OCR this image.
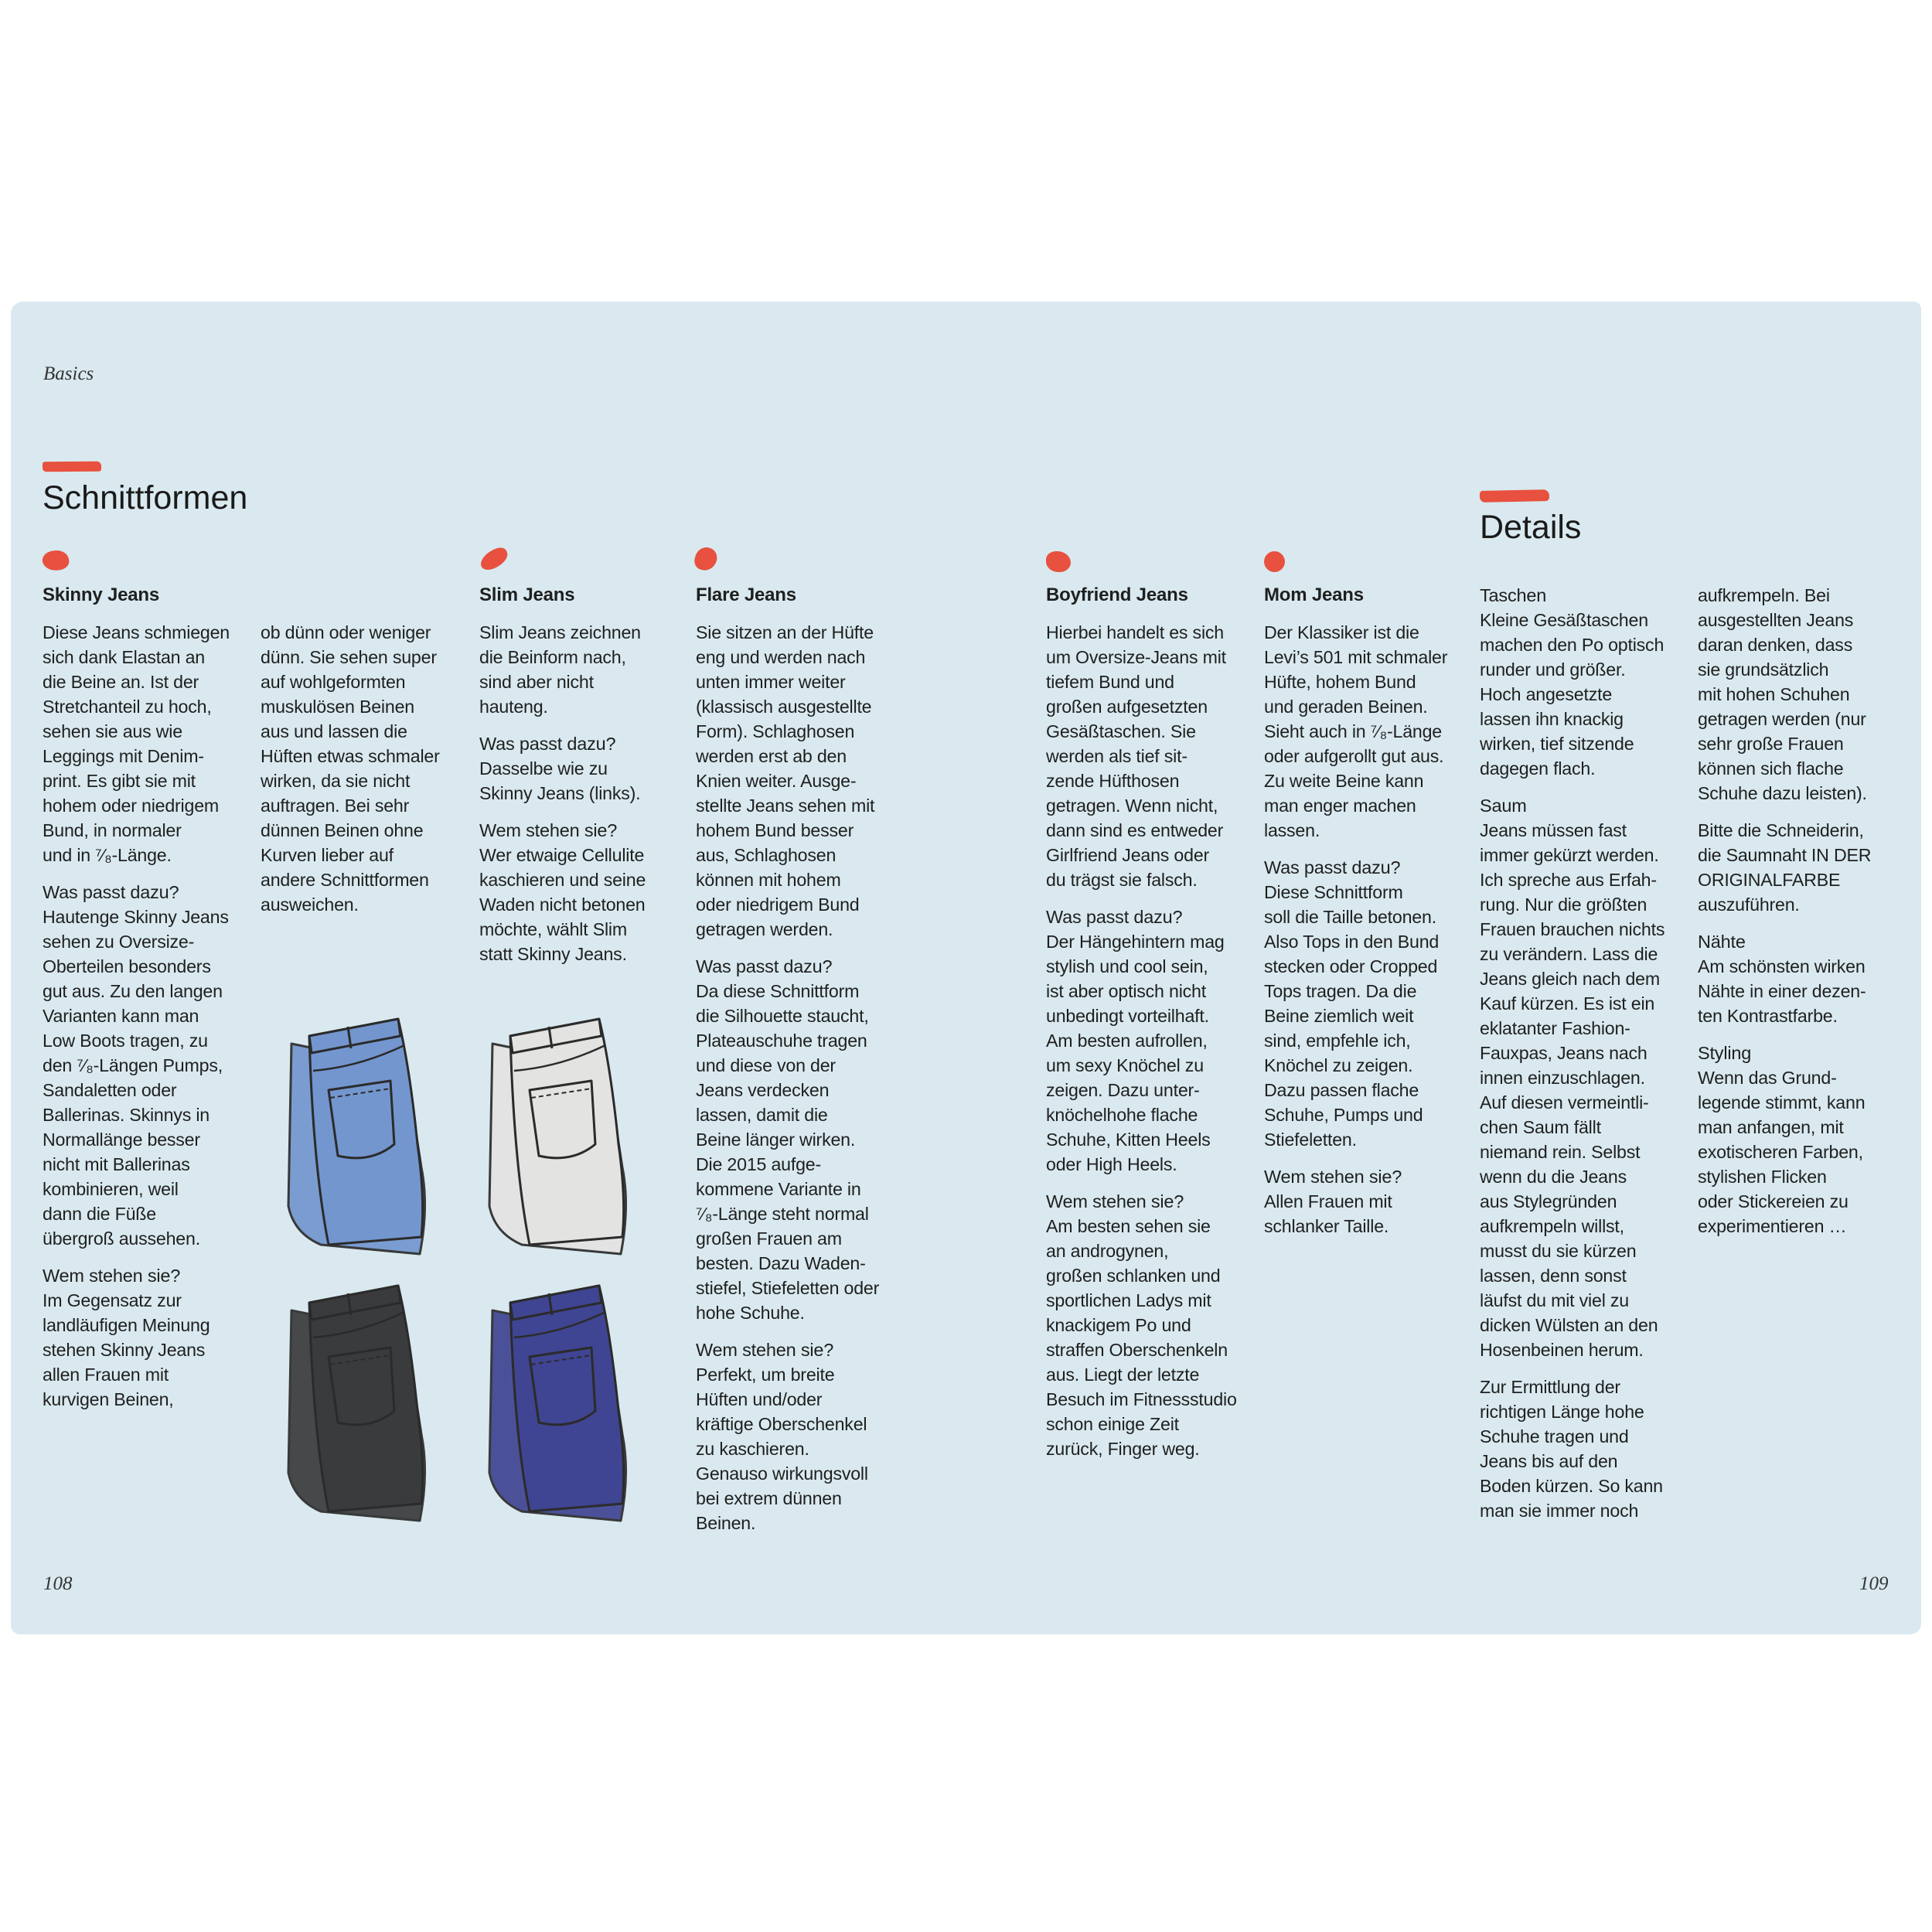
Basics
108	109
Schnittformen
Details
Skinny Jeans

Diese Jeans schmiegen
sich dank Elastan an
die Beine an. Ist der
Stretchanteil zu hoch,
sehen sie aus wie
Leggings mit Denim-
print. Es gibt sie mit
hohem oder niedrigem
Bund, in normaler
und in ⁷⁄₈-Länge.

Was passt dazu?

Hautenge Skinny Jeans
sehen zu Oversize-
Oberteilen besonders
gut aus. Zu den langen
Varianten kann man
Low Boots tragen, zu
den ⁷⁄₈-Längen Pumps,
Sandaletten oder
Ballerinas. Skinnys in
Normallänge besser
nicht mit Ballerinas
kombinieren, weil
dann die Füße
übergroß aussehen.

Wem stehen sie?

Im Gegensatz zur
landläufigen Meinung
stehen Skinny Jeans
allen Frauen mit
kurvigen Beinen,

ob dünn oder weniger
dünn. Sie sehen super
auf wohlgeformten
muskulösen Beinen
aus und lassen die
Hüften etwas schmaler
wirken, da sie nicht
auftragen. Bei sehr
dünnen Beinen ohne
Kurven lieber auf
andere Schnittformen
ausweichen.

Slim Jeans

Slim Jeans zeichnen
die Beinform nach,
sind aber nicht
hauteng.

Was passt dazu?

Dasselbe wie zu
Skinny Jeans (links).

Wem stehen sie?

Wer etwaige Cellulite
kaschieren und seine
Waden nicht betonen
möchte, wählt Slim
statt Skinny Jeans.

Flare Jeans

Sie sitzen an der Hüfte
eng und werden nach
unten immer weiter
(klassisch ausgestellte
Form). Schlaghosen
werden erst ab den
Knien weiter. Ausge-
stellte Jeans sehen mit
hohem Bund besser
aus, Schlaghosen
können mit hohem
oder niedrigem Bund
getragen werden.

Was passt dazu?

Da diese Schnittform
die Silhouette staucht,
Plateauschuhe tragen
und diese von der
Jeans verdecken
lassen, damit die
Beine länger wirken.
Die 2015 aufge-
kommene Variante in
⁷⁄₈-Länge steht normal
großen Frauen am
besten. Dazu Waden-
stiefel, Stiefeletten oder
hohe Schuhe.

Wem stehen sie?

Perfekt, um breite
Hüften und/oder
kräftige Oberschenkel
zu kaschieren.
Genauso wirkungsvoll
bei extrem dünnen
Beinen.

Boyfriend Jeans

Hierbei handelt es sich
um Oversize-Jeans mit
tiefem Bund und
großen aufgesetzten
Gesäßtaschen. Sie
werden als tief sit-
zende Hüfthosen
getragen. Wenn nicht,
dann sind es entweder
Girlfriend Jeans oder
du trägst sie falsch.

Was passt dazu?

Der Hängehintern mag
stylish und cool sein,
ist aber optisch nicht
unbedingt vorteilhaft.
Am besten aufrollen,
um sexy Knöchel zu
zeigen. Dazu unter-
knöchelhohe flache
Schuhe, Kitten Heels
oder High Heels.

Wem stehen sie?

Am besten sehen sie
an androgynen,
großen schlanken und
sportlichen Ladys mit
knackigem Po und
straffen Oberschenkeln
aus. Liegt der letzte
Besuch im Fitnessstudio
schon einige Zeit
zurück, Finger weg.

Mom Jeans

Der Klassiker ist die
Levi’s 501 mit schmaler
Hüfte, hohem Bund
und geraden Beinen.
Sieht auch in ⁷⁄₈-Länge
oder aufgerollt gut aus.
Zu weite Beine kann
man enger machen
lassen.

Was passt dazu?

Diese Schnittform
soll die Taille betonen.
Also Tops in den Bund
stecken oder Cropped
Tops tragen. Da die
Beine ziemlich weit
sind, empfehle ich,
Knöchel zu zeigen.
Dazu passen flache
Schuhe, Pumps und
Stiefeletten.

Wem stehen sie?

Allen Frauen mit
schlanker Taille.

Taschen

Kleine Gesäßtaschen
machen den Po optisch
runder und größer.
Hoch angesetzte
lassen ihn knackig
wirken, tief sitzende
dagegen flach.

Saum

Jeans müssen fast
immer gekürzt werden.
Ich spreche aus Erfah-
rung. Nur die größten
Frauen brauchen nichts
zu verändern. Lass die
Jeans gleich nach dem
Kauf kürzen. Es ist ein
eklatanter Fashion-
Fauxpas, Jeans nach
innen einzuschlagen.
Auf diesen vermeintli-
chen Saum fällt
niemand rein. Selbst
wenn du die Jeans
aus Stylegründen
aufkrempeln willst,
musst du sie kürzen
lassen, denn sonst
läufst du mit viel zu
dicken Wülsten an den
Hosenbeinen herum.

Zur Ermittlung der
richtigen Länge hohe
Schuhe tragen und
Jeans bis auf den
Boden kürzen. So kann
man sie immer noch

aufkrempeln. Bei
ausgestellten Jeans
daran denken, dass
sie grundsätzlich
mit hohen Schuhen
getragen werden (nur
sehr große Frauen
können sich flache
Schuhe dazu leisten).

Bitte die Schneiderin,
die Saumnaht IN DER
ORIGINALFARBE
auszuführen.

Nähte

Am schönsten wirken
Nähte in einer dezen-
ten Kontrastfarbe.

Styling

Wenn das Grund-
legende stimmt, kann
man anfangen, mit
exotischeren Farben,
stylishen Flicken
oder Stickereien zu
experimentieren …
